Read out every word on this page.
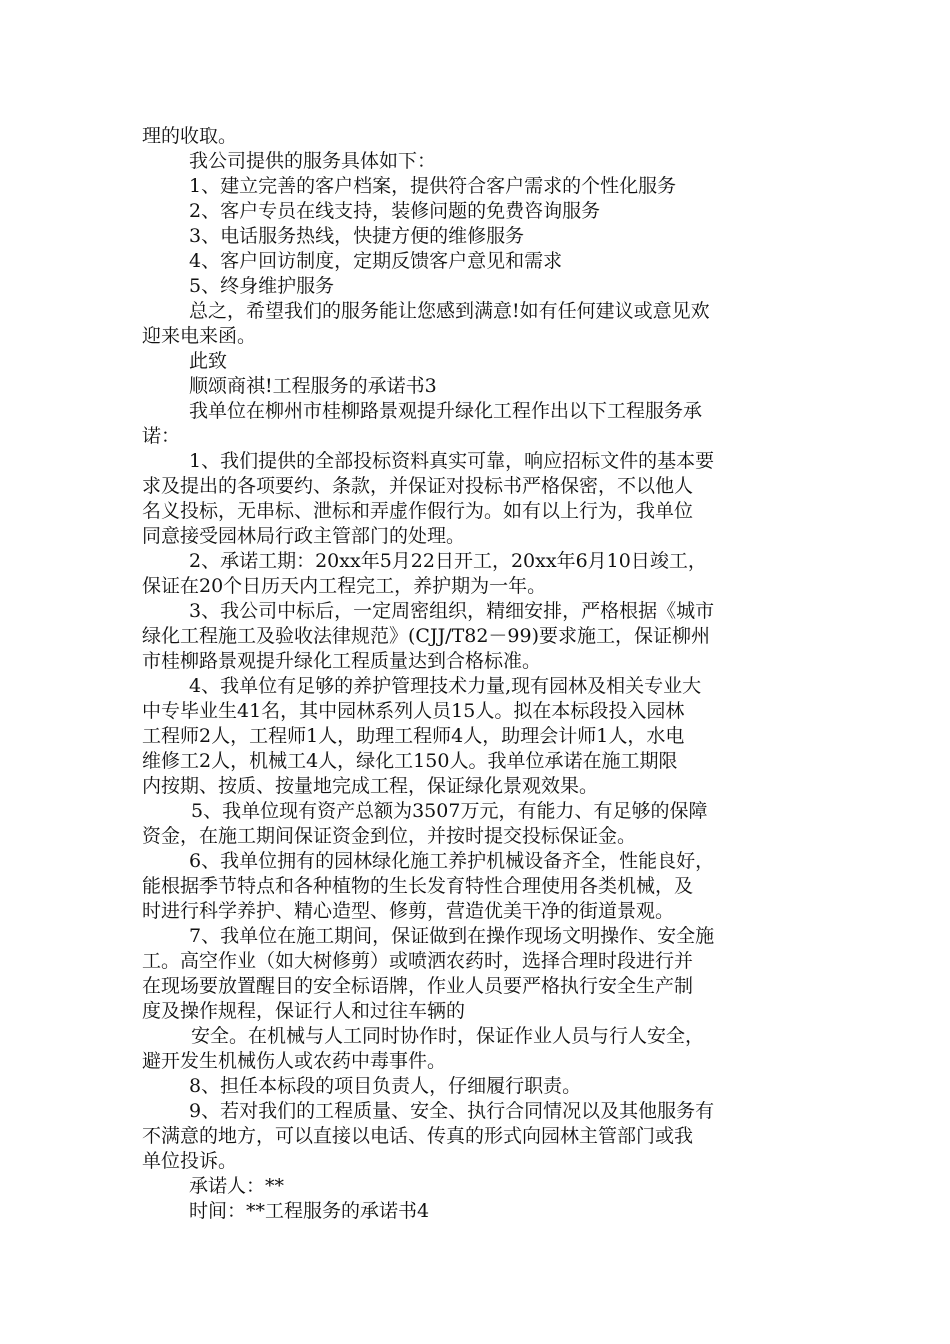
理的收取。
我公司提供的服务具体如下：
1、建立完善的客户档案，提供符合客户需求的个性化服务
2、客户专员在线支持，装修问题的免费咨询服务
3、电话服务热线，快捷方便的维修服务
4、客户回访制度，定期反馈客户意见和需求
5、终身维护服务
总之，希望我们的服务能让您感到满意!如有任何建议或意见欢
迎来电来函。
此致
顺颂商祺!工程服务的承诺书3
我单位在柳州市桂柳路景观提升绿化工程作出以下工程服务承
诺：
1、我们提供的全部投标资料真实可靠，响应招标文件的基本要
求及提出的各项要约、条款，并保证对投标书严格保密，不以他人
名义投标，无串标、泄标和弄虚作假行为。如有以上行为，我单位
同意接受园林局行政主管部门的处理。
2、承诺工期：20xx年5月22日开工，20xx年6月10日竣工，
保证在20个日历天内工程完工，养护期为一年。
3、我公司中标后，一定周密组织，精细安排，严格根据《城市
绿化工程施工及验收法律规范》(CJJ/T82－99)要求施工，保证柳州
市桂柳路景观提升绿化工程质量达到合格标准。
4、我单位有足够的养护管理技术力量,现有园林及相关专业大
中专毕业生41名，其中园林系列人员15人。拟在本标段投入园林
工程师2人，工程师1人，助理工程师4人，助理会计师1人，水电
维修工2人，机械工4人，绿化工150人。我单位承诺在施工期限
内按期、按质、按量地完成工程，保证绿化景观效果。
5、我单位现有资产总额为3507万元，有能力、有足够的保障
资金，在施工期间保证资金到位，并按时提交投标保证金。
6、我单位拥有的园林绿化施工养护机械设备齐全，性能良好，
能根据季节特点和各种植物的生长发育特性合理使用各类机械，及
时进行科学养护、精心造型、修剪，营造优美干净的街道景观。
7、我单位在施工期间，保证做到在操作现场文明操作、安全施
工。高空作业（如大树修剪）或喷洒农药时，选择合理时段进行并
在现场要放置醒目的安全标语牌，作业人员要严格执行安全生产制
度及操作规程，保证行人和过往车辆的
安全。在机械与人工同时协作时，保证作业人员与行人安全，
避开发生机械伤人或农药中毒事件。
8、担任本标段的项目负责人，仔细履行职责。
9、若对我们的工程质量、安全、执行合同情况以及其他服务有
不满意的地方，可以直接以电话、传真的形式向园林主管部门或我
单位投诉。
承诺人：**
时间：**工程服务的承诺书4
